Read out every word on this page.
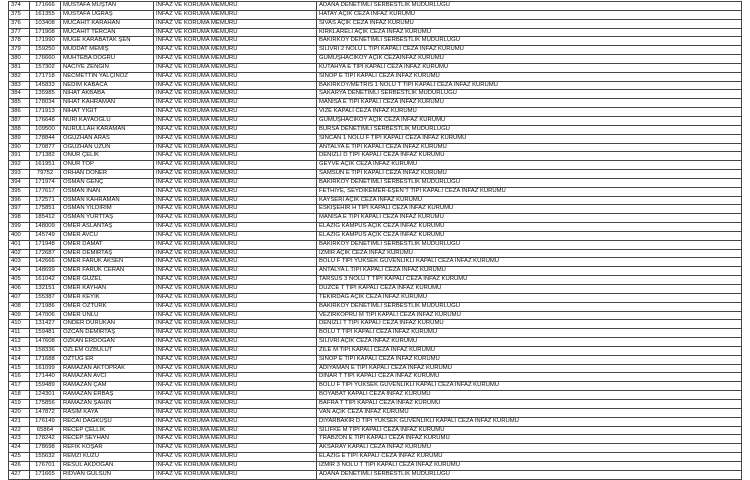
374	171666	MUSTAFA MUŞTAN	İNFAZ VE KORUMA MEMURU	ADANA DENETİMLİ SERBESTLİK MÜDÜRLÜĞÜ
375	161355	MUSTAFA UĞRAŞ	İNFAZ VE KORUMA MEMURU	HATAY AÇIK CEZA İNFAZ KURUMU
376	103408	MÜCAHİT KARAHAN	İNFAZ VE KORUMA MEMURU	SİVAS AÇIK CEZA İNFAZ KURUMU
377	171908	MÜCAHİT TERCAN	İNFAZ VE KORUMA MEMURU	KIRKLARELİ AÇIK CEZA İNFAZ KURUMU
378	171990	MÜGE KARABATAK ŞEN	İNFAZ VE KORUMA MEMURU	BAKIRKÖY DENETİMLİ SERBESTLİK MÜDÜRLÜĞÜ
379	159250	MÜDDAT MEMİŞ	İNFAZ VE KORUMA MEMURU	SİLİVRİ 2 NOLU L TİPİ KAPALI CEZA İNFAZ KURUMU
380	176660	MUHTEBA DOĞRU	İNFAZ VE KORUMA MEMURU	GÜMÜŞHACIKÖY AÇIK CEZAİNFAZ KURUMU
381	157302	NACİYE ZENGİN	İNFAZ VE KORUMA MEMURU	KÜTAHYA E TİPİ KAPALI CEZA İNFAZ KURUMU
382	171718	NECMETTİN YALÇINÖZ	İNFAZ VE KORUMA MEMURU	SİNOP E TİPİ KAPALI CEZA İNFAZ KURUMU
383	145833	NEDİM KABACA	İNFAZ VE KORUMA MEMURU	BAKIRKÖY/METRİS 1 NOLU T TİPİ KAPALI CEZA İNFAZ KURUMU
384	135985	NİHAT AKBABA	İNFAZ VE KORUMA MEMURU	SAKARYA DENETİMLİ SERBESTLİK MÜDÜRLÜĞÜ
385	178034	NİHAT KAHRAMAN	İNFAZ VE KORUMA MEMURU	MANİSA E TİPİ KAPALI CEZA İNFAZ KURUMU
386	171913	NİHAT YİĞİT	İNFAZ VE KORUMA MEMURU	VİZE KAPALI CEZA İNFAZ KURUMU
387	176648	NURİ KAYAOĞLU	İNFAZ VE KORUMA MEMURU	GÜMÜŞHACIKÖY AÇIK CEZA İNFAZ KURUMU
388	109500	NURULLAH KARAMAN	İNFAZ VE KORUMA MEMURU	BURSA DENETİMLİ SERBESTLİK MÜDÜRLÜĞÜ
389	178844	OĞUZHAN ARAS	İNFAZ VE KORUMA MEMURU	SİNCAN 1 NOLU F TİPİ KAPALI CEZA İNFAZ KURUMU
390	170877	OĞUZHAN UZUN	İNFAZ VE KORUMA MEMURU	ANTALYA E TİPİ KAPALI CEZA İNFAZ KURUMU
391	171382	ONUR ÇELİK	İNFAZ VE KORUMA MEMURU	DENİZLİ D TİPİ KAPALI CEZA İNFAZ KURUMU
392	161951	ONUR TOP	İNFAZ VE KORUMA MEMURU	GEYVE AÇIK CEZA İNFAZ KURUMU
393	79752	ORHAN DÖNER	İNFAZ VE KORUMA MEMURU	SAMSUN E TİPİ KAPALI CEZA İNFAZ KURUMU
394	171974	OSMAN GENÇ	İNFAZ VE KORUMA MEMURU	BAKIRKÖY DENETİMLİ SERBESTLİK MÜDÜRLÜĞÜ
395	177617	OSMAN İNAN	İNFAZ VE KORUMA MEMURU	FETHİYE, SEYDİKEMER-EŞEN T TİPİ KAPALI CEZA İNFAZ KURUMU
396	172571	OSMAN KAHRAMAN	İNFAZ VE KORUMA MEMURU	KAYSERİ AÇIK CEZA İNFAZ KURUMU
397	175851	OSMAN YILDIRIM	İNFAZ VE KORUMA MEMURU	ESKİŞEHİR H TİPİ KAPALI CEZA İNFAZ KURUMU
398	185412	OSMAN YURTTAŞ	İNFAZ VE KORUMA MEMURU	MANİSA E TİPİ KAPALI CEZA İNFAZ KURUMU
399	148009	ÖMER ASLANTAŞ	İNFAZ VE KORUMA MEMURU	ELAZIĞ KAMPÜS AÇIK CEZA İNFAZ KURUMU
400	145749	ÖMER AVCU	İNFAZ VE KORUMA MEMURU	ELAZIĞ KAMPÜS AÇIK CEZA İNFAZ KURUMU
401	171948	ÖMER DAMAT	İNFAZ VE KORUMA MEMURU	BAKIRKÖY DENETİMLİ SERBESTLİK MÜDÜRLÜĞÜ
402	172687	ÖMER DEMİRTAŞ	İNFAZ VE KORUMA MEMURU	İZMİR AÇIK CEZA İNFAZ KURUMU
403	142666	ÖMER FARUK AKSEN	İNFAZ VE KORUMA MEMURU	BOLU F TİPİ YÜKSEK GÜVENLİKLİ KAPALI CEZA İNFAZ KURUMU
404	148699	ÖMER FARUK CERAN	İNFAZ VE KORUMA MEMURU	ANTALYA L TİPİ KAPALI CEZA İNFAZ KURUMU
405	161042	ÖMER GÜZEL	İNFAZ VE KORUMA MEMURU	TARSUS 3 NOLU T TİPİ KAPALI CEZA İNFAZ KURUMU
406	132151	ÖMER KAYHAN	İNFAZ VE KORUMA MEMURU	DÜZCE T TİPİ KAPALI CEZA İNFAZ KURUMU
407	155387	ÖMER KEYİK	İNFAZ VE KORUMA MEMURU	TEKİRDAĞ AÇIK CEZA İNFAZ KURUMU
408	171986	ÖMER ÖZTÜRK	İNFAZ VE KORUMA MEMURU	BAKIRKÖY DENETİMLİ SERBESTLİK MÜDÜRLÜĞÜ
409	147006	ÖMER ÜNLÜ	İNFAZ VE KORUMA MEMURU	VEZİRKÖPRÜ M TİPİ KAPALI CEZA İNFAZ KURUMU
410	131427	ÖNDER DURUKAN	İNFAZ VE KORUMA MEMURU	DENİZLİ T TİPİ KAPALI CEZA İNFAZ KURUMU
411	159481	ÖZCAN DEMİRTAŞ	İNFAZ VE KORUMA MEMURU	BOLU T TİPİ KAPALI CEZA İNFAZ KURUMU
412	147608	ÖZKAN ERDOĞAN	İNFAZ VE KORUMA MEMURU	SİLİVRİ AÇIK CEZA İNFAZ KURUMU
413	158336	ÖZLEM ÖZBULUT	İNFAZ VE KORUMA MEMURU	ZİLE M TİPİ KAPALI CEZA İNFAZ KURUMU
414	171688	ÖZTUĞ ER	İNFAZ VE KORUMA MEMURU	SİNOP E TİPİ KAPALI CEZA İNFAZ KURUMU
415	161099	RAMAZAN AKTOPRAK	İNFAZ VE KORUMA MEMURU	ADIYAMAN E TİPİ KAPALI CEZA İNFAZ KURUMU
416	171440	RAMAZAN AVCI	İNFAZ VE KORUMA MEMURU	DİNAR T TİPİ KAPALI CEZA İNFAZ KURUMU
417	159489	RAMAZAN ÇAM	İNFAZ VE KORUMA MEMURU	BOLU F TİPİ YÜKSEK GÜVENLİKLİ KAPALI CEZA İNFAZ KURUMU
418	124301	RAMAZAN ERBAŞ	İNFAZ VE KORUMA MEMURU	BOYABAT KAPALI CEZA İNFAZ KURUMU
419	175856	RAMAZAN ŞAHİN	İNFAZ VE KORUMA MEMURU	BAFRA T TİPİ KAPALI CEZA İNFAZ KURUMU
420	147872	RASİM KAYA	İNFAZ VE KORUMA MEMURU	VAN AÇIK CEZA İNFAZ KURUMU
421	176149	RECAİ DAĞKUŞU	İNFAZ VE KORUMA MEMURU	DİYARBAKIR D TİPİ YÜKSEK GÜVENLİKLİ KAPALI CEZA İNFAZ KURUMU
422	65864	RECEP ÇELLİK	İNFAZ VE KORUMA MEMURU	SİLİFKE M TİPİ KAPALI CEZA İNFAZ KURUMU
423	178242	RECEP SEYHAN	İNFAZ VE KORUMA MEMURU	TRABZON E TİPİ KAPALI CEZA İNFAZ KURUMU
424	178698	REFİK KOŞAR	İNFAZ VE KORUMA MEMURU	AKSARAY KAPALI CEZA İNFAZ KURUMU
425	155632	REMZİ KUZU	İNFAZ VE KORUMA MEMURU	ELAZIĞ E TİPİ KAPALI CEZA İNFAZ KURUMU
426	176701	RESUL AKDOĞAN	İNFAZ VE KORUMA MEMURU	İZMİR 3 NOLU T TİPİ KAPALI CEZA İNFAZ KURUMU
427	171665	RIDVAN GÜLSÜN	İNFAZ VE KORUMA MEMURU	ADANA DENETİMLİ SERBESTLİK MÜDÜRLÜĞÜ
